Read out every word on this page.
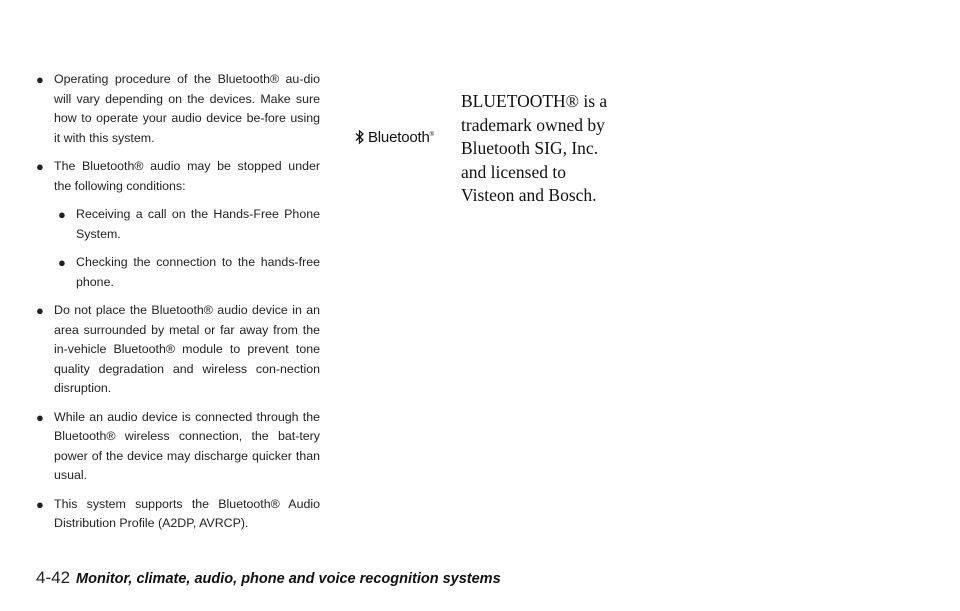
● Operating procedure of the Bluetooth® au-dio will vary depending on the devices. Make sure how to operate your audio device be-fore using it with this system.
● The Bluetooth® audio may be stopped under the following conditions:
● Receiving a call on the Hands-Free Phone System.
● Checking the connection to the hands-free phone.
● Do not place the Bluetooth® audio device in an area surrounded by metal or far away from the in-vehicle Bluetooth® module to prevent tone quality degradation and wireless con-nection disruption.
● While an audio device is connected through the Bluetooth® wireless connection, the bat-tery power of the device may discharge quicker than usual.
● This system supports the Bluetooth® Audio Distribution Profile (A2DP, AVRCP).
Bluetooth®
BLUETOOTH® is a trademark owned by Bluetooth SIG, Inc. and licensed to Visteon and Bosch.
4-42 Monitor, climate, audio, phone and voice recognition systems
